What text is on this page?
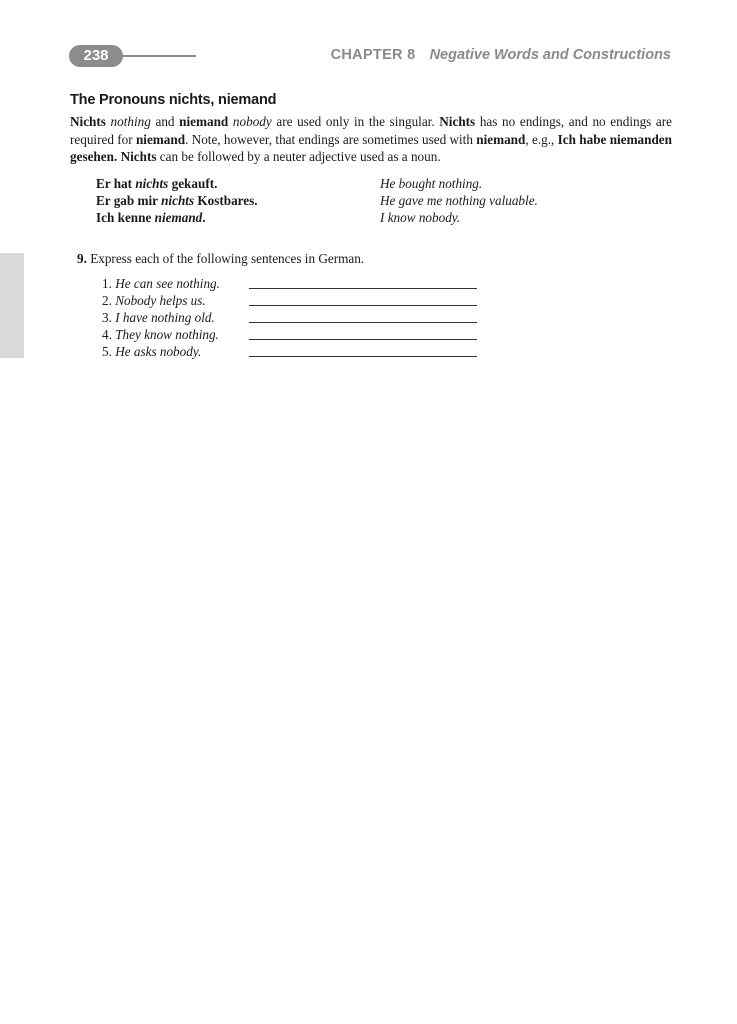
238	CHAPTER 8 Negative Words and Constructions
The Pronouns nichts, niemand
Nichts nothing and niemand nobody are used only in the singular. Nichts has no endings, and no endings are required for niemand. Note, however, that endings are sometimes used with niemand, e.g., Ich habe niemanden gesehen. Nichts can be followed by a neuter adjective used as a noun.
Er hat nichts gekauft.	He bought nothing.
Er gab mir nichts Kostbares.	He gave me nothing valuable.
Ich kenne niemand.	I know nobody.
9. Express each of the following sentences in German.
1. He can see nothing.
2. Nobody helps us.
3. I have nothing old.
4. They know nothing.
5. He asks nobody.
